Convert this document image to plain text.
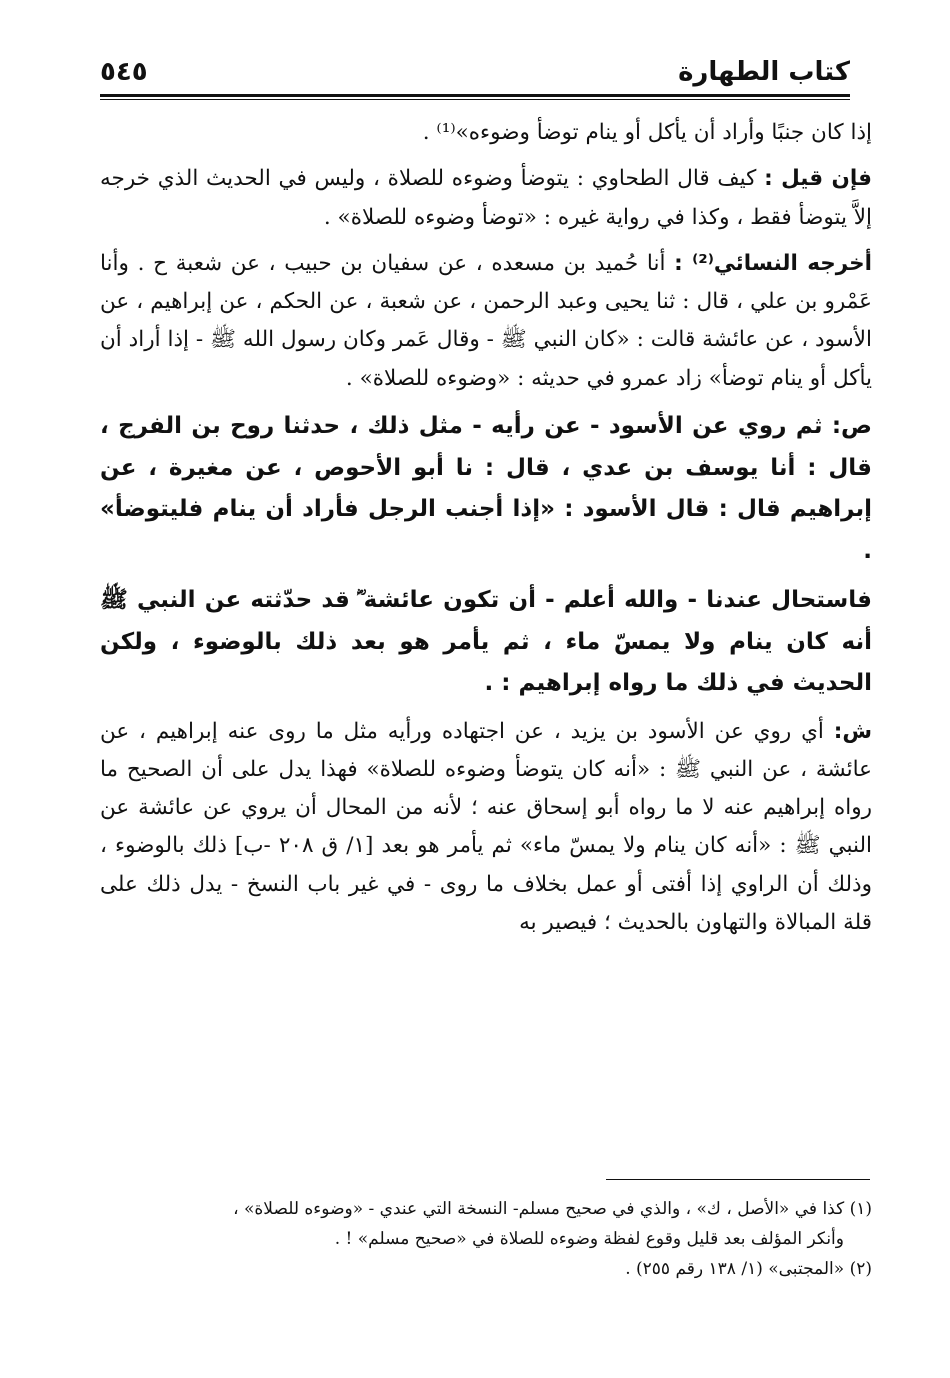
كتاب الطهارة
٥٤٥

إذا كان جنبًا وأراد أن يأكل أو ينام توضأ وضوءه»⁽¹⁾ .

فإن قيل : كيف قال الطحاوي : يتوضأ وضوءه للصلاة ، وليس في الحديث الذي خرجه إلاَّ يتوضأ فقط ، وكذا في رواية غيره : «توضأ وضوءه للصلاة» .

أخرجه النسائي⁽²⁾ : أنا حُميد بن مسعده ، عن سفيان بن حبيب ، عن شعبة ح . وأنا عَمْرو بن علي ، قال : ثنا يحيى وعبد الرحمن ، عن شعبة ، عن الحكم ، عن إبراهيم ، عن الأسود ، عن عائشة قالت : «كان النبي ﷺ - وقال عَمر وكان رسول الله ﷺ - إذا أراد أن يأكل أو ينام توضأ» زاد عمرو في حديثه : «وضوءه للصلاة» .

ص: ثم روي عن الأسود - عن رأيه - مثل ذلك ، حدثنا روح بن الفرج ، قال : أنا يوسف بن عدي ، قال : نا أبو الأحوص ، عن مغيرة ، عن إبراهيم قال : قال الأسود : «إذا أجنب الرجل فأراد أن ينام فليتوضأ» .

فاستحال عندنا - والله أعلم - أن تكون عائشة ؓ قد حدّثته عن النبي ﷺ أنه كان ينام ولا يمسّ ماء ، ثم يأمر هو بعد ذلك بالوضوء ، ولكن الحديث في ذلك ما رواه إبراهيم : .

ش: أي روي عن الأسود بن يزيد ، عن اجتهاده ورأيه مثل ما روى عنه إبراهيم ، عن عائشة ، عن النبي ﷺ : «أنه كان يتوضأ وضوءه للصلاة» فهذا يدل على أن الصحيح ما رواه إبراهيم عنه لا ما رواه أبو إسحاق عنه ؛ لأنه من المحال أن يروي عن عائشة عن النبي ﷺ : «أنه كان ينام ولا يمسّ ماء» ثم يأمر هو بعد [١/ ق ٢٠٨ -ب] ذلك بالوضوء ، وذلك أن الراوي إذا أفتى أو عمل بخلاف ما روى - في غير باب النسخ - يدل ذلك على قلة المبالاة والتهاون بالحديث ؛ فيصير به

(١) كذا في «الأصل ، ك» ، والذي في صحيح مسلم- النسخة التي عندي - «وضوءه للصلاة» ،

وأنكر المؤلف بعد قليل وقوع لفظة وضوءه للصلاة في «صحيح مسلم» ! .

(٢) «المجتبى» (١/ ١٣٨ رقم ٢٥٥) .
